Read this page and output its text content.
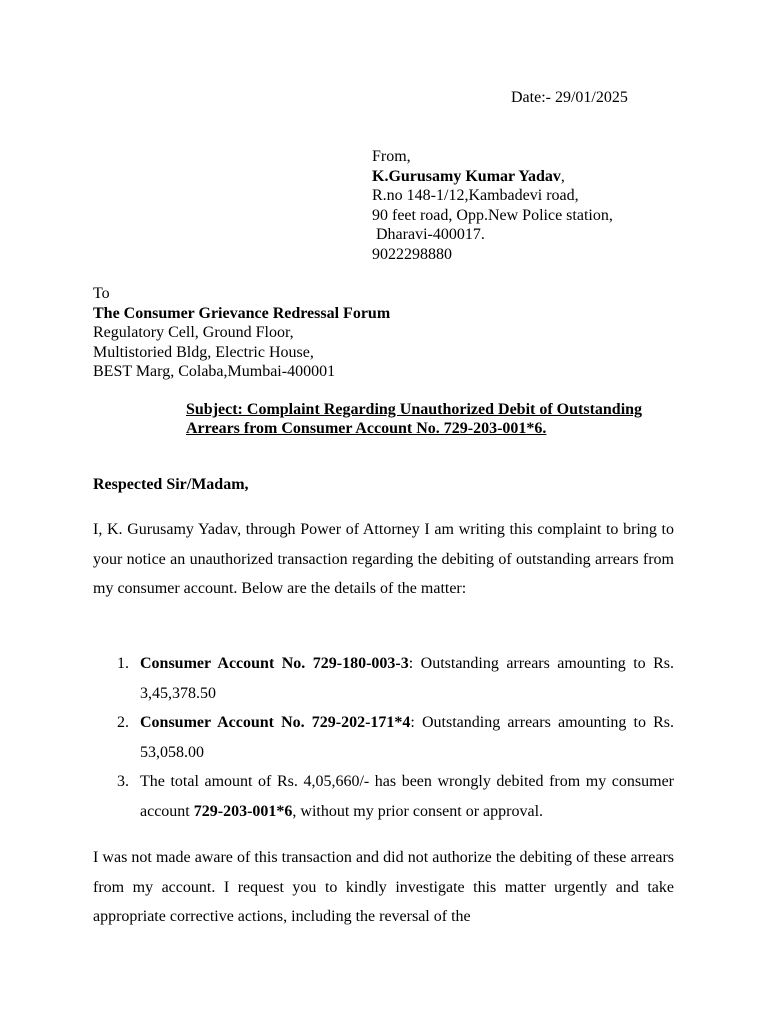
Date:- 29/01/2025
From,
K.Gurusamy Kumar Yadav,
R.no 148-1/12,Kambadevi road,
90 feet road, Opp.New Police station,
Dharavi-400017.
9022298880
To
The Consumer Grievance Redressal Forum
Regulatory Cell, Ground Floor,
Multistoried Bldg, Electric House,
BEST Marg, Colaba,Mumbai-400001
Subject: Complaint Regarding Unauthorized Debit of Outstanding Arrears from Consumer Account No. 729-203-001*6.
Respected Sir/Madam,
I, K. Gurusamy Yadav, through Power of Attorney I am writing this complaint to bring to your notice an unauthorized transaction regarding the debiting of outstanding arrears from my consumer account. Below are the details of the matter:
1. Consumer Account No. 729-180-003-3: Outstanding arrears amounting to Rs. 3,45,378.50
2. Consumer Account No. 729-202-171*4: Outstanding arrears amounting to Rs. 53,058.00
3. The total amount of Rs. 4,05,660/- has been wrongly debited from my consumer account 729-203-001*6, without my prior consent or approval.
I was not made aware of this transaction and did not authorize the debiting of these arrears from my account. I request you to kindly investigate this matter urgently and take appropriate corrective actions, including the reversal of the
